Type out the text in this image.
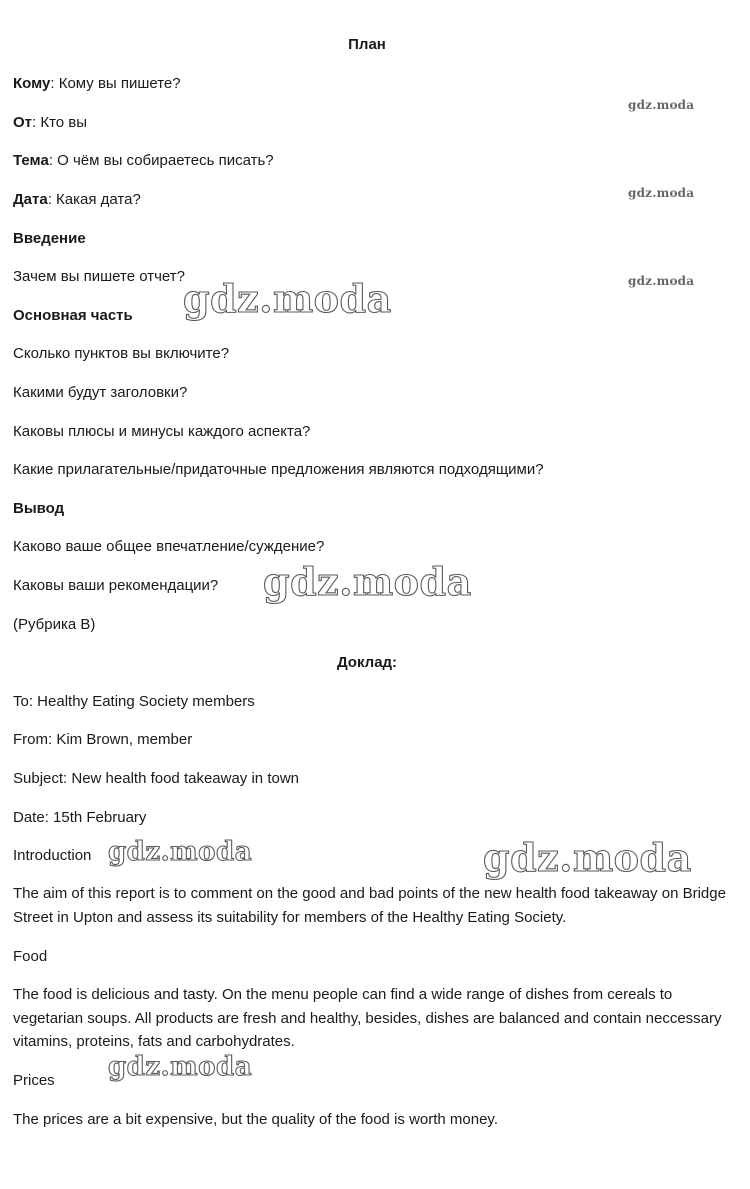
План
Кому: Кому вы пишете?
От: Кто вы
Тема: О чём вы собираетесь писать?
Дата: Какая дата?
Введение
Зачем вы пишете отчет?
Основная часть
Сколько пунктов вы включите?
Какими будут заголовки?
Каковы плюсы и минусы каждого аспекта?
Какие прилагательные/придаточные предложения являются подходящими?
Вывод
Каково ваше общее впечатление/суждение?
Каковы ваши рекомендации?
(Рубрика B)
Доклад:
To: Healthy Eating Society members
From: Kim Brown, member
Subject: New health food takeaway in town
Date: 15th February
Introduction
The aim of this report is to comment on the good and bad points of the new health food takeaway on Bridge Street in Upton and assess its suitability for members of the Healthy Eating Society.
Food
The food is delicious and tasty. On the menu people can find a wide range of dishes from cereals to vegetarian soups. All products are fresh and healthy, besides, dishes are balanced and contain neccessary vitamins, proteins, fats and carbohydrates.
Prices
The prices are a bit expensive, but the quality of the food is worth money.
gdz.moda
gdz.moda
gdz.moda
gdz.moda
gdz.moda
gdz.moda	gdz.moda
gdz.moda
